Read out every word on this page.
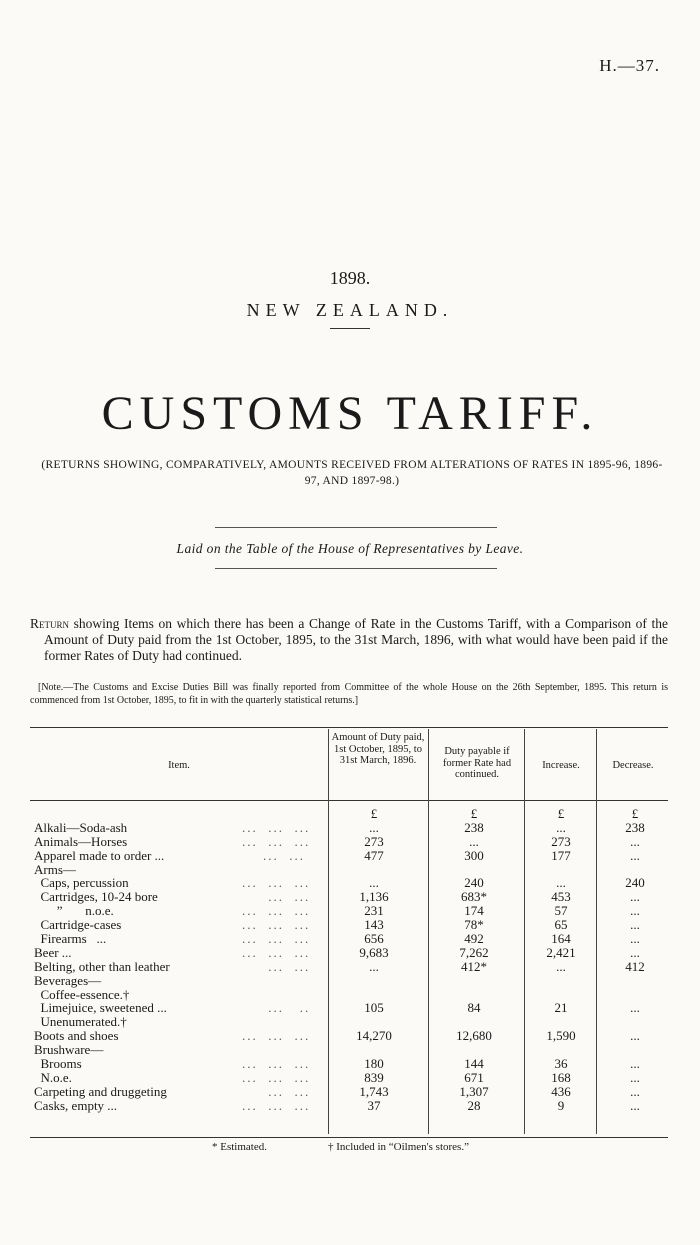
H.—37.
1898.
NEW ZEALAND.
CUSTOMS TARIFF.
(RETURNS SHOWING, COMPARATIVELY, AMOUNTS RECEIVED FROM ALTERATIONS OF RATES IN 1895-96, 1896-97, AND 1897-98.)
Laid on the Table of the House of Representatives by Leave.

Return showing Items on which there has been a Change of Rate in the Customs Tariff, with a Comparison of the Amount of Duty paid from the 1st October, 1895, to the 31st March, 1896, with what would have been paid if the former Rates of Duty had continued.

[Note.—The Customs and Excise Duties Bill was finally reported from Committee of the whole House on the 26th September, 1895. This return is commenced from 1st October, 1895, to fit in with the quarterly statistical returns.]

Item.
Amount of Duty paid, 1st October, 1895, to 31st March, 1896.
Duty payable if former Rate had continued.
Increase.	Decrease.
£	£	£	£
Alkali—Soda-ash	...  ...  ...	...	238	...	238
Animals—Horses	...  ...  ...	273	...	273	...
Apparel made to order ...	...  ...	477	300	177	...
Arms—
Caps, percussion	...  ...  ...	...	240	...	240
Cartridges, 10-24 bore	...  ...	1,136	683*	453	...
”       n.o.e.	...  ...  ...	231	174	57	...
Cartridge-cases	...  ...  ...	143	78*	65	...
Firearms   ...	...  ...  ...	656	492	164	...
Beer ...	...  ...  ...	9,683	7,262	2,421	...
Belting, other than leather	...  ...	...	412*	...	412
Beverages—
Coffee-essence.†
Limejuice, sweetened ...	...   ..	105	84	21	...
Unenumerated.†
Boots and shoes	...  ...  ...	14,270	12,680	1,590	...
Brushware—
Brooms	...  ...  ...	180	144	36	...
N.o.e.	...  ...  ...	839	671	168	...
Carpeting and druggeting	...  ...	1,743	1,307	436	...
Casks, empty ...	...  ...  ...	37	28	9	...
* Estimated.	† Included in “Oilmen's stores.”
